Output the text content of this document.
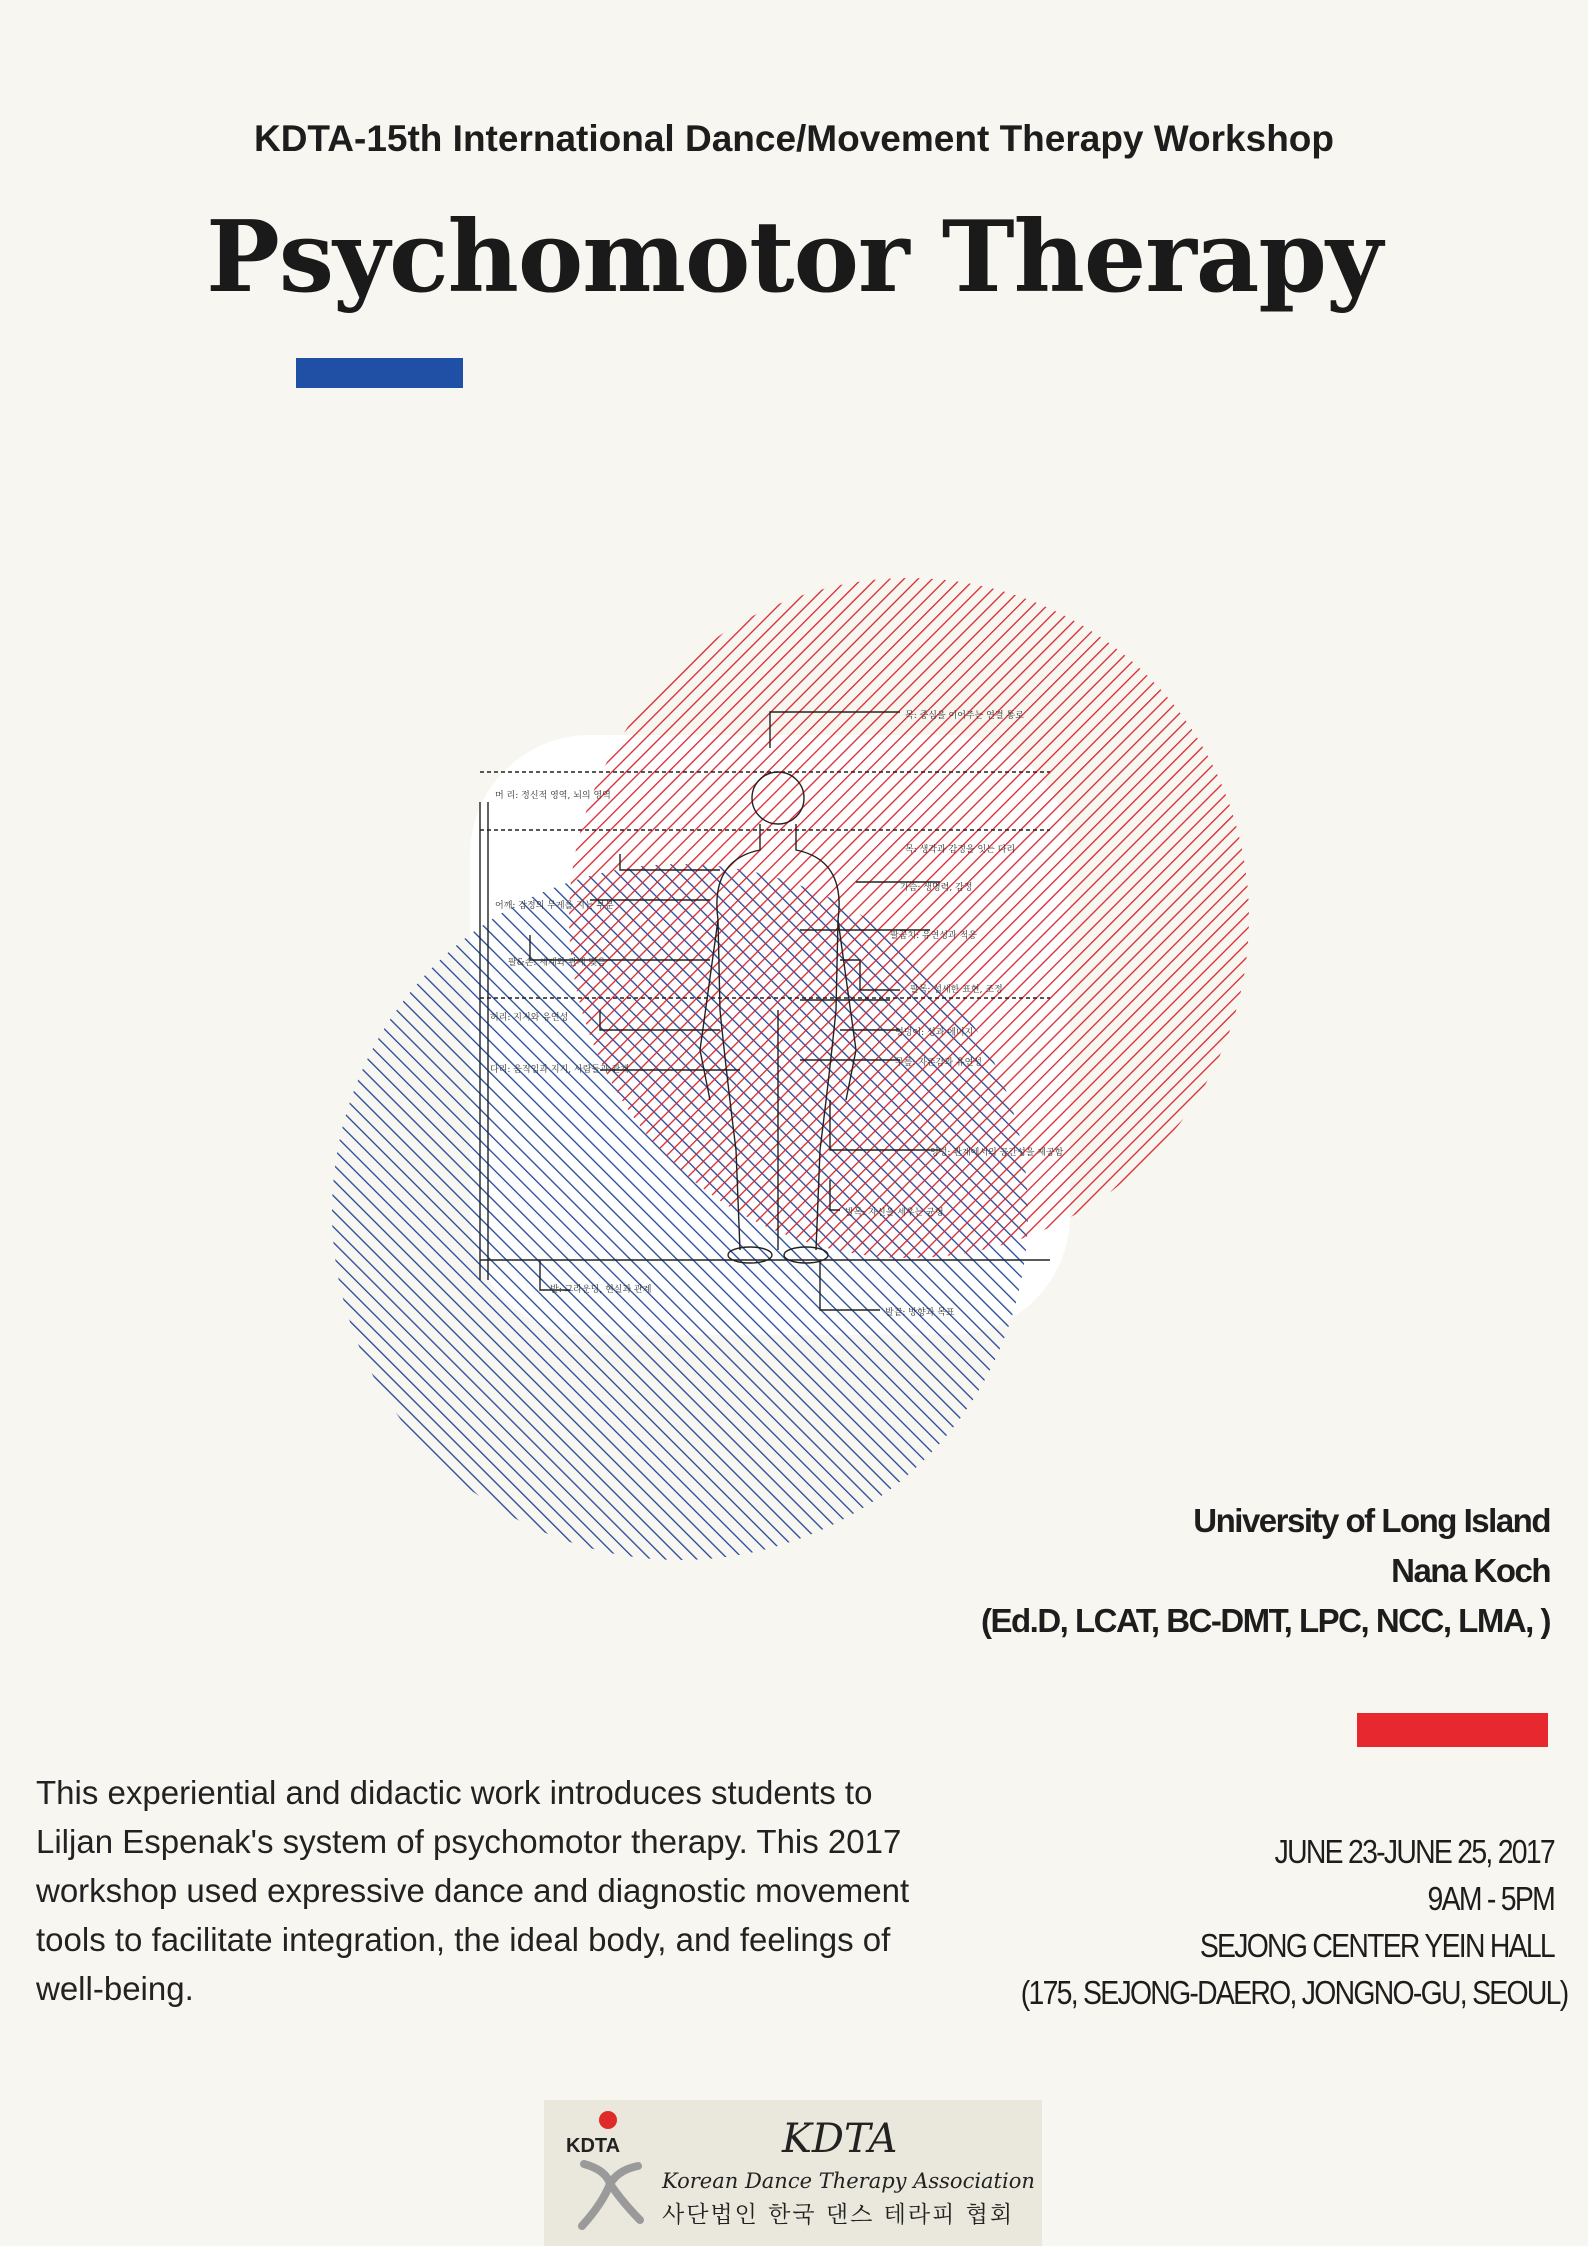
KDTA-15th International Dance/Movement Therapy Workshop
Psychomotor Therapy
머 리: 정신적 영역, 뇌의 영역
어깨: 감정의 무게를 지는 부분
팔&손: 세계와 관계 맺음
허리: 지지와 유연성
다리: 움직임과 지지, 사람들과 관계
발: 그라운딩, 현실과 관계
목: 중심을 이어주는 연결 통로
목: 생각과 감정을 잇는 다리
가슴: 생명력, 감정
팔꿈치: 유연성과 적응
팔목: 섬세한 표현, 조정
엉덩이: 성과 에너지
무릎: 자존감과 유연성
엉덩: 관계에서의 공간성을 제공함
발목: 자신을 세우는 균형
발끝: 방향과 목표
University of Long Island
Nana Koch
(Ed.D, LCAT, BC-DMT, LPC, NCC, LMA, )
This experiential and didactic work introduces students to Liljan Espenak's system of psychomotor therapy. This 2017 workshop used expressive dance and diagnostic movement tools to facilitate integration, the ideal body, and feelings of well-being.
JUNE 23-JUNE 25, 2017
9AM - 5PM
SEJONG CENTER YEIN HALL
(175, SEJONG-DAERO, JONGNO-GU, SEOUL)
KDTA	KDTA
Korean Dance Therapy Association
사단법인 한국 댄스 테라피 협회
